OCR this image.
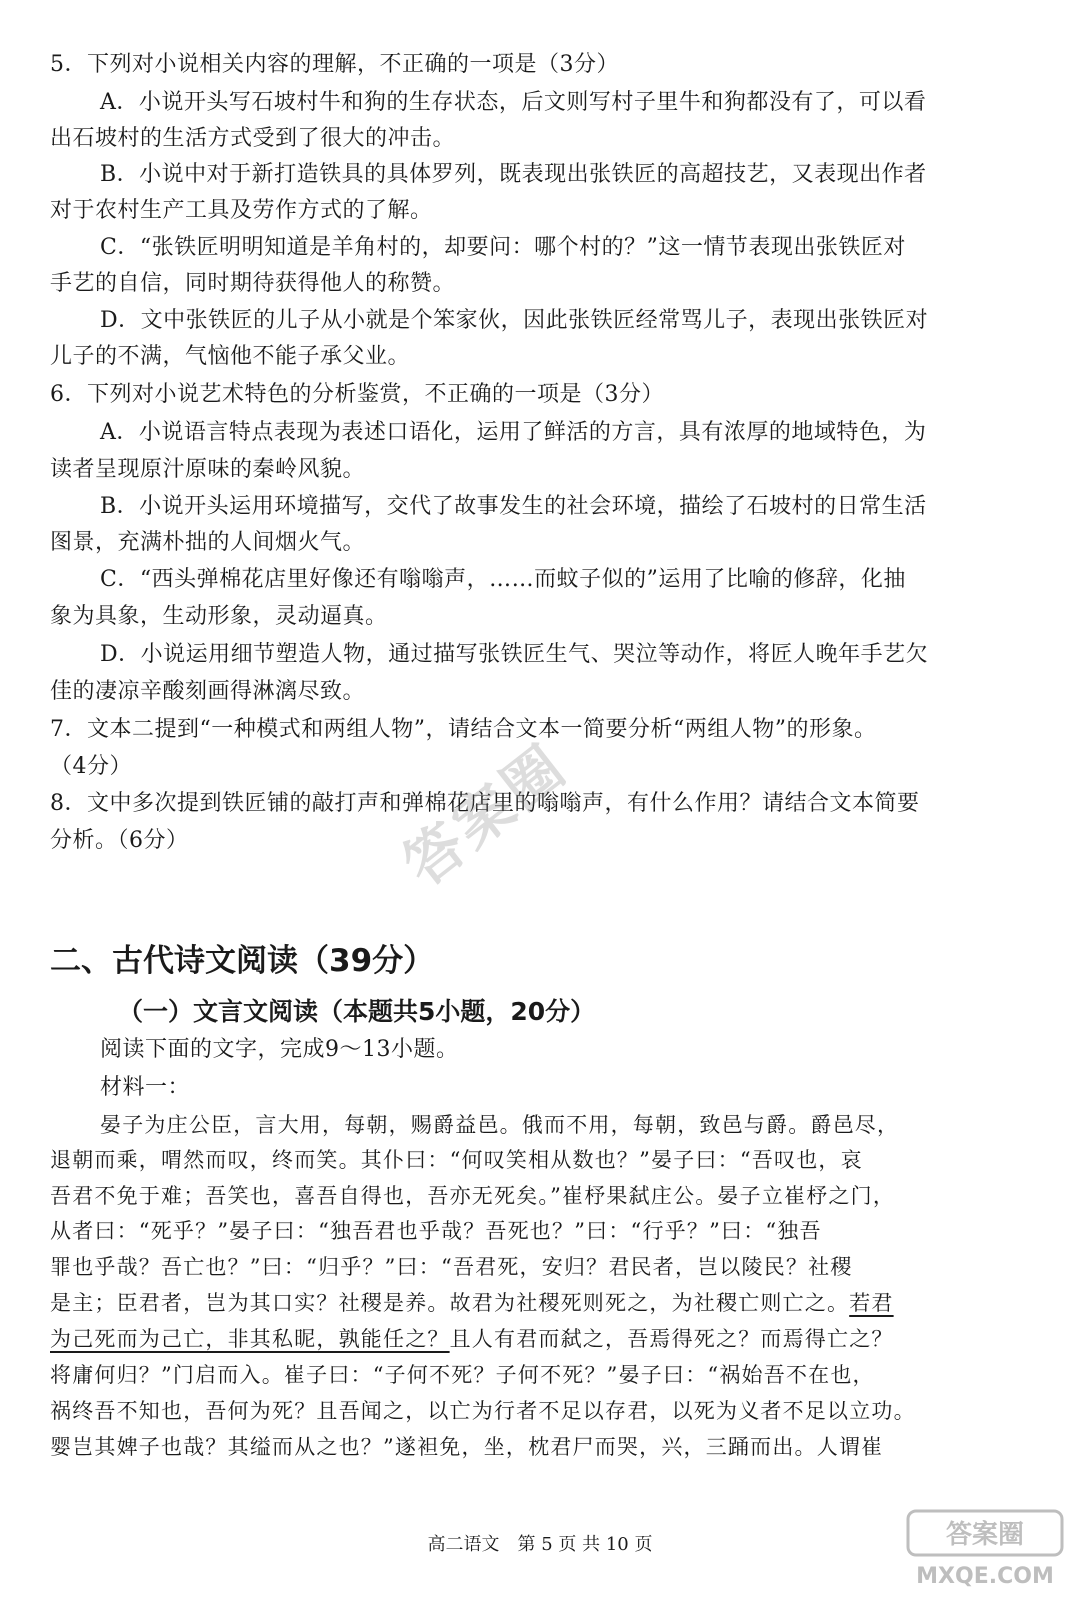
5．下列对小说相关内容的理解，不正确的一项是（3分）
A．小说开头写石坡村牛和狗的生存状态，后文则写村子里牛和狗都没有了，可以看
出石坡村的生活方式受到了很大的冲击。
B．小说中对于新打造铁具的具体罗列，既表现出张铁匠的高超技艺，又表现出作者
对于农村生产工具及劳作方式的了解。
C．“张铁匠明明知道是羊角村的，却要问：哪个村的？”这一情节表现出张铁匠对
手艺的自信，同时期待获得他人的称赞。
D．文中张铁匠的儿子从小就是个笨家伙，因此张铁匠经常骂儿子，表现出张铁匠对
儿子的不满，气恼他不能子承父业。
6．下列对小说艺术特色的分析鉴赏，不正确的一项是（3分）
A．小说语言特点表现为表述口语化，运用了鲜活的方言，具有浓厚的地域特色，为
读者呈现原汁原味的秦岭风貌。
B．小说开头运用环境描写，交代了故事发生的社会环境，描绘了石坡村的日常生活
图景，充满朴拙的人间烟火气。
C．“西头弹棉花店里好像还有嗡嗡声，……而蚊子似的”运用了比喻的修辞，化抽
象为具象，生动形象，灵动逼真。
D．小说运用细节塑造人物，通过描写张铁匠生气、哭泣等动作，将匠人晚年手艺欠
佳的凄凉辛酸刻画得淋漓尽致。
7．文本二提到“一种模式和两组人物”，请结合文本一简要分析“两组人物”的形象。
（4分）
8．文中多次提到铁匠铺的敲打声和弹棉花店里的嗡嗡声，有什么作用？请结合文本简要
分析。（6分）
二、古代诗文阅读（39分）
（一）文言文阅读（本题共5小题，20分）
阅读下面的文字，完成9～13小题。
材料一：
晏子为庄公臣，言大用，每朝，赐爵益邑。俄而不用，每朝，致邑与爵。爵邑尽，
退朝而乘，喟然而叹，终而笑。其仆曰：“何叹笑相从数也？”晏子曰：“吾叹也，哀
吾君不免于难；吾笑也，喜吾自得也，吾亦无死矣。”崔杼果弑庄公。晏子立崔杼之门，
从者曰：“死乎？”晏子曰：“独吾君也乎哉？吾死也？”曰：“行乎？”曰：“独吾
罪也乎哉？吾亡也？”曰：“归乎？”曰：“吾君死，安归？君民者，岂以陵民？社稷
是主；臣君者，岂为其口实？社稷是养。故君为社稷死则死之，为社稷亡则亡之。若君
为己死而为己亡，非其私昵，孰能任之？且人有君而弑之，吾焉得死之？而焉得亡之？
将庸何归？”门启而入。崔子曰：“子何不死？子何不死？”晏子曰：“祸始吾不在也，
祸终吾不知也，吾何为死？且吾闻之，以亡为行者不足以存君，以死为义者不足以立功。
婴岂其婢子也哉？其缢而从之也？”遂袒免，坐，枕君尸而哭，兴，三踊而出。人谓崔
高二语文　第 5 页 共 10 页
答案圈
答案圈
MXQE.COM
